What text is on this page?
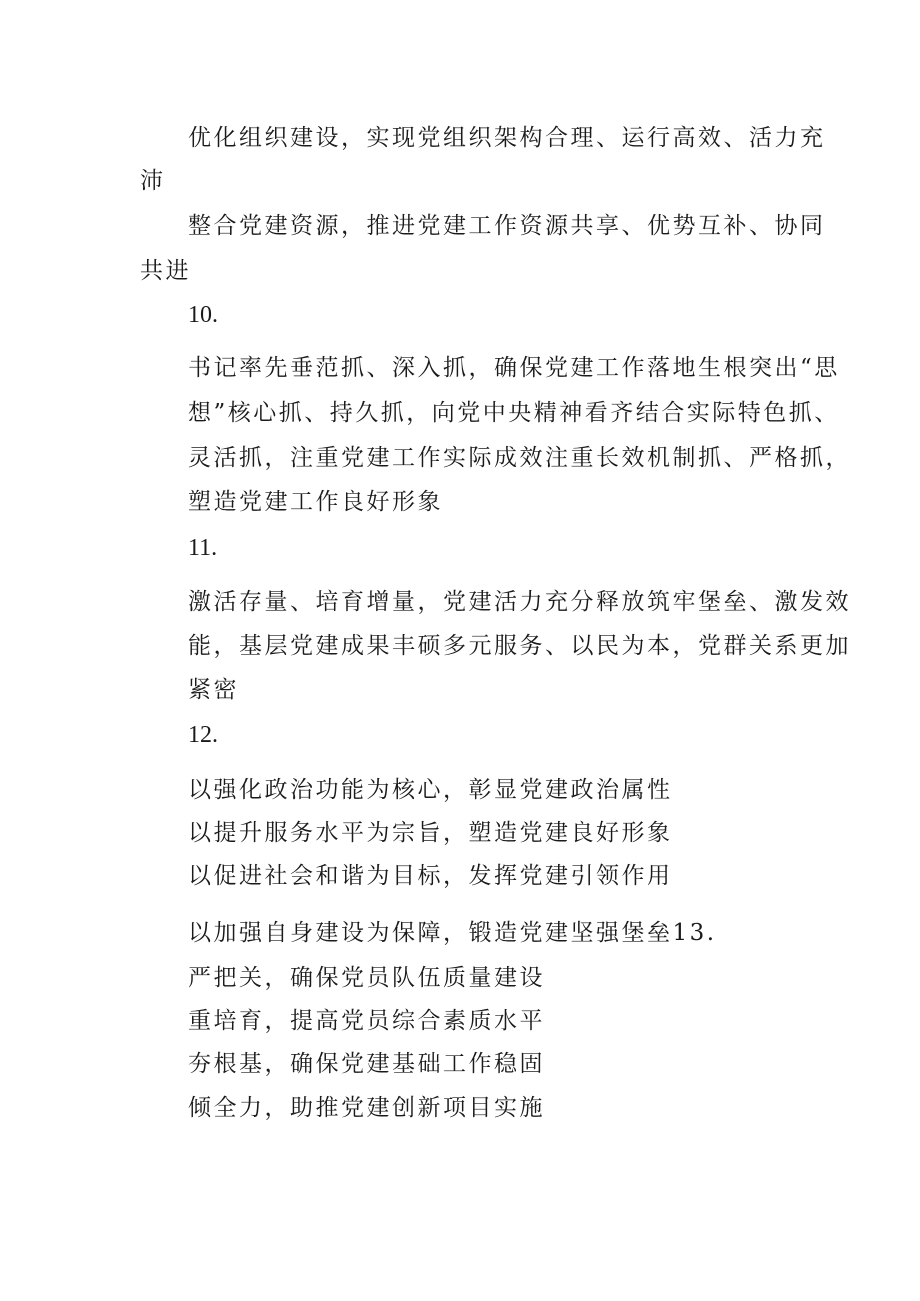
优化组织建设，实现党组织架构合理、运行高效、活力充
沛
整合党建资源，推进党建工作资源共享、优势互补、协同
共进
10.
书记率先垂范抓、深入抓，确保党建工作落地生根突出“思
想”核心抓、持久抓，向党中央精神看齐结合实际特色抓、
灵活抓，注重党建工作实际成效注重长效机制抓、严格抓，
塑造党建工作良好形象
11.
激活存量、培育增量，党建活力充分释放筑牢堡垒、激发效
能，基层党建成果丰硕多元服务、以民为本，党群关系更加
紧密
12.
以强化政治功能为核心，彰显党建政治属性
以提升服务水平为宗旨，塑造党建良好形象
以促进社会和谐为目标，发挥党建引领作用
以加强自身建设为保障，锻造党建坚强堡垒13.
严把关，确保党员队伍质量建设
重培育，提高党员综合素质水平
夯根基，确保党建基础工作稳固
倾全力，助推党建创新项目实施
